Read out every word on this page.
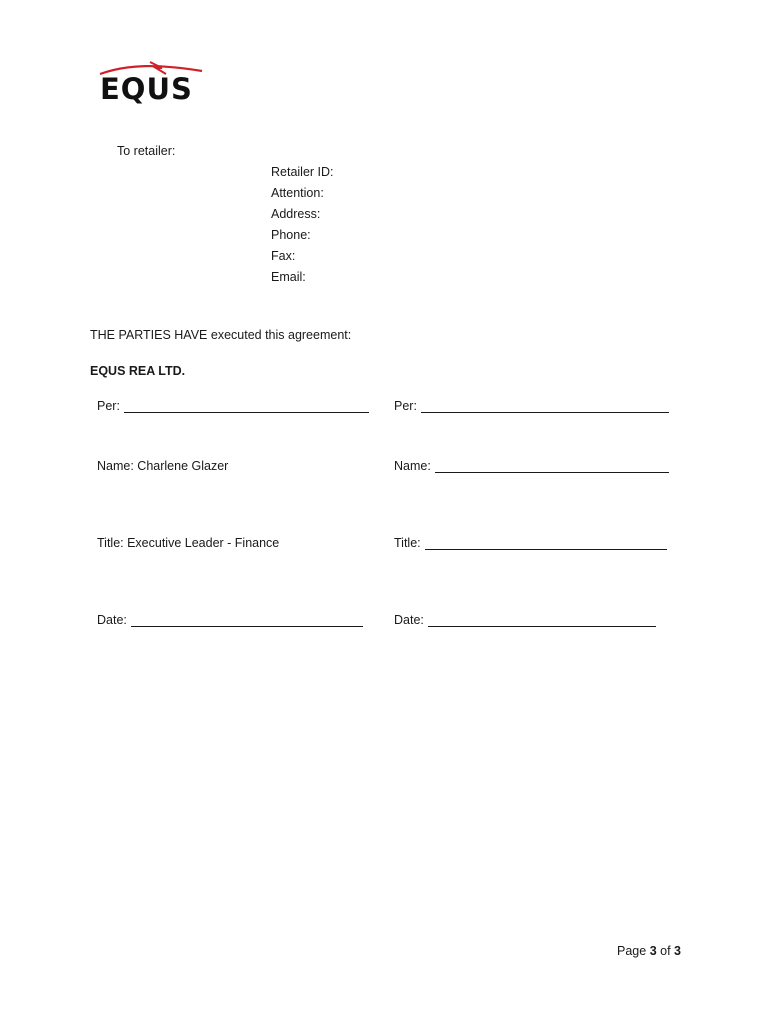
EQUS
To retailer:
Retailer ID:
Attention:
Address:
Phone:
Fax:
Email:
THE PARTIES HAVE executed this agreement:
EQUS REA LTD.
Per:
Name: Charlene Glazer
Title: Executive Leader - Finance
Date:
Per:
Name:
Title:
Date:
Page 3 of 3
